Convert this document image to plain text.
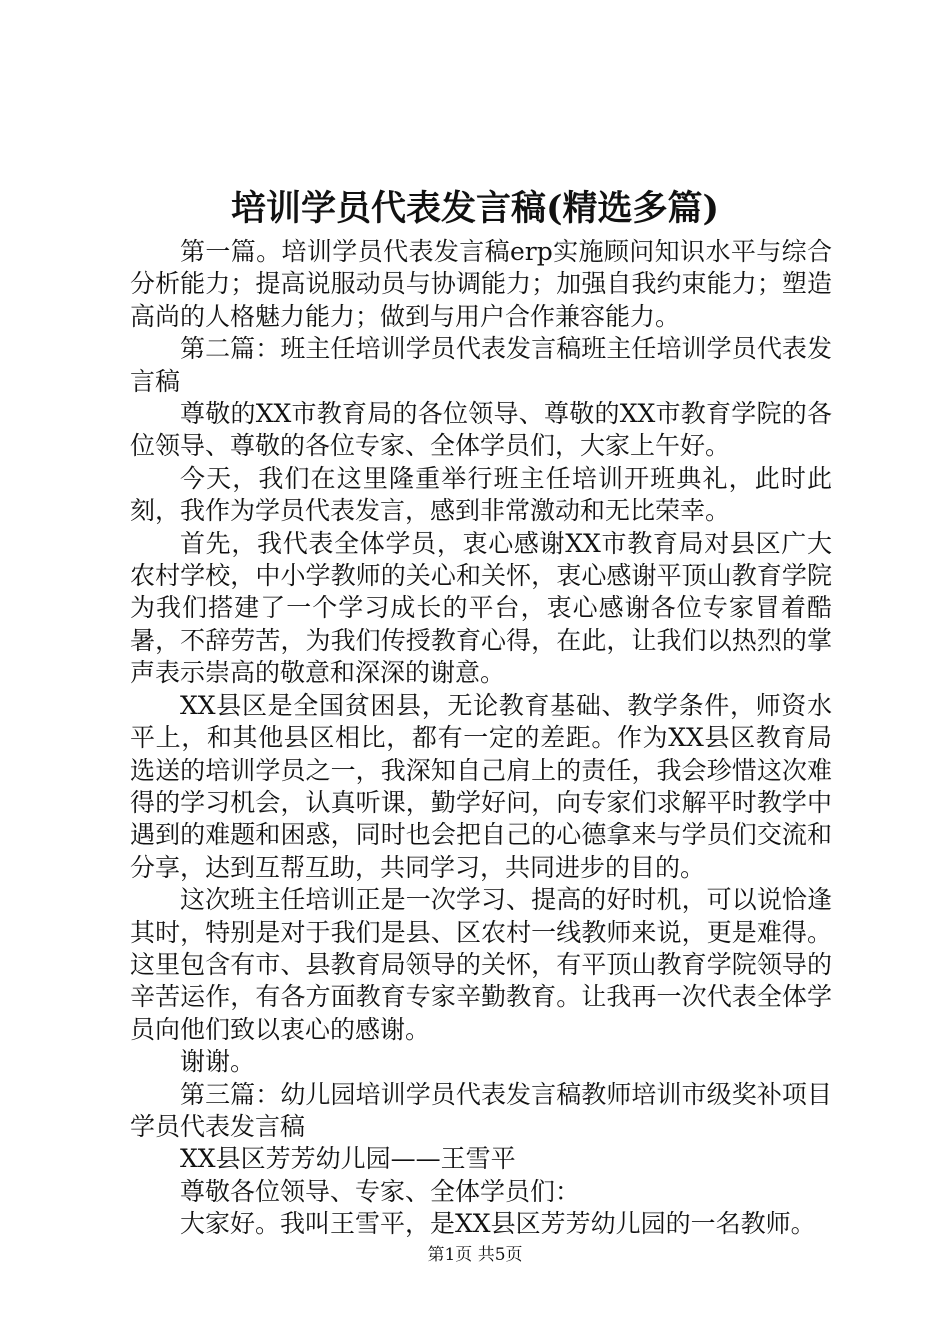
培训学员代表发言稿(精选多篇)

第一篇。培训学员代表发言稿erp实施顾问知识水平与综合分析能力；提高说服动员与协调能力；加强自我约束能力；塑造高尚的人格魅力能力；做到与用户合作兼容能力。

第二篇：班主任培训学员代表发言稿班主任培训学员代表发言稿

尊敬的XX市教育局的各位领导、尊敬的XX市教育学院的各位领导、尊敬的各位专家、全体学员们，大家上午好。

今天，我们在这里隆重举行班主任培训开班典礼，此时此刻，我作为学员代表发言，感到非常激动和无比荣幸。

首先，我代表全体学员，衷心感谢XX市教育局对县区广大农村学校，中小学教师的关心和关怀，衷心感谢平顶山教育学院为我们搭建了一个学习成长的平台，衷心感谢各位专家冒着酷暑，不辞劳苦，为我们传授教育心得，在此，让我们以热烈的掌声表示崇高的敬意和深深的谢意。

XX县区是全国贫困县，无论教育基础、教学条件，师资水平上，和其他县区相比，都有一定的差距。作为XX县区教育局选送的培训学员之一，我深知自己肩上的责任，我会珍惜这次难得的学习机会，认真听课，勤学好问，向专家们求解平时教学中遇到的难题和困惑，同时也会把自己的心德拿来与学员们交流和分享，达到互帮互助，共同学习，共同进步的目的。

这次班主任培训正是一次学习、提高的好时机，可以说恰逢其时，特别是对于我们是县、区农村一线教师来说，更是难得。这里包含有市、县教育局领导的关怀，有平顶山教育学院领导的辛苦运作，有各方面教育专家辛勤教育。让我再一次代表全体学员向他们致以衷心的感谢。

谢谢。

第三篇：幼儿园培训学员代表发言稿教师培训市级奖补项目学员代表发言稿

XX县区芳芳幼儿园——王雪平

尊敬各位领导、专家、全体学员们：

大家好。我叫王雪平，是XX县区芳芳幼儿园的一名教师。

第1页 共5页
